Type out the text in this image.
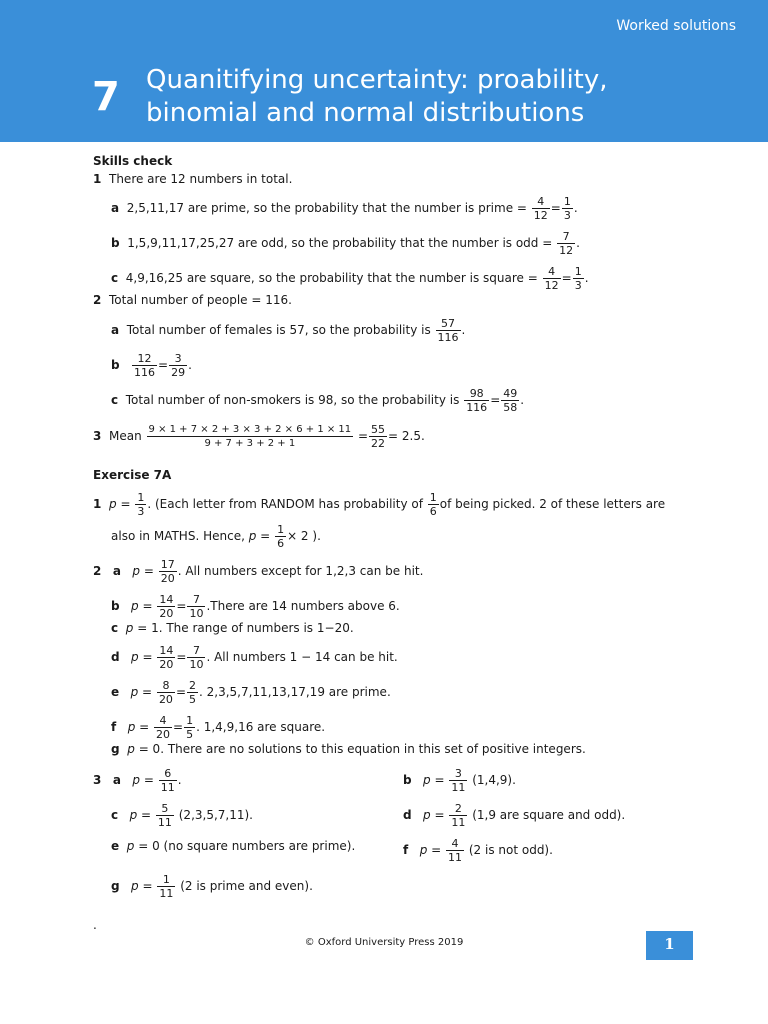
Worked solutions
7 Quanitifying uncertainty: proability,
binomial and normal distributions
Skills check
1 There are 12 numbers in total.
a 2,5,11,17 are prime, so the probability that the number is prime = $\frac{4}{12} = \frac{1}{3}$ .
b 1,5,9,11,17,25,27 are odd, so the probability that the number is odd = $\frac{7}{12}$ .
c 4,9,16,25 are square, so the probability that the number is square = $\frac{4}{12} = \frac{1}{3}$ .
2 Total number of people = 116.
a Total number of females is 57, so the probability is $\frac{57}{116}$ .
b $\frac{12}{116} = \frac{3}{29}$ .
c Total number of non-smokers is 98, so the probability is $\frac{98}{116} = \frac{49}{58}$ .
3 Mean $\frac{9 \times 1 + 7 \times 2 + 3 \times 3 + 2 \times 6 + 1 \times 11}{9 + 7 + 3 + 2 + 1} = \frac{55}{22} = 2.5$.
Exercise 7A
1 $p = \frac{1}{3}$ . (Each letter from RANDOM has probability of $\frac{1}{6}$ of being picked. 2 of these letters are
also in MATHS. Hence, $p = \frac{1}{6} \times 2$ ).
2 a $p = \frac{17}{20}$ . All numbers except for 1,2,3 can be hit.
b $p = \frac{14}{20} = \frac{7}{10}$ .There are 14 numbers above 6.
c p = 1. The range of numbers is 1−20.
d $p = \frac{14}{20} = \frac{7}{10}$ . All numbers 1 − 14 can be hit.
e $p = \frac{8}{20} = \frac{2}{5}$ . 2,3,5,7,11,13,17,19 are prime.
f $p = \frac{4}{20} = \frac{1}{5}$ . 1,4,9,16 are square.
g p = 0. There are no solutions to this equation in this set of positive integers.
3 a $p = \frac{6}{11}$ .	b $p = \frac{3}{11} (1,4,9)$.
c $p = \frac{5}{11} (2,3,5,7,11)$.	d $p = \frac{2}{11} (1,9$ are square and odd).
e p = 0 (no square numbers are prime).	f $p = \frac{4}{11} (2$ is not odd).
g $p = \frac{1}{11} (2$ is prime and even).
.
© Oxford University Press 2019	1
